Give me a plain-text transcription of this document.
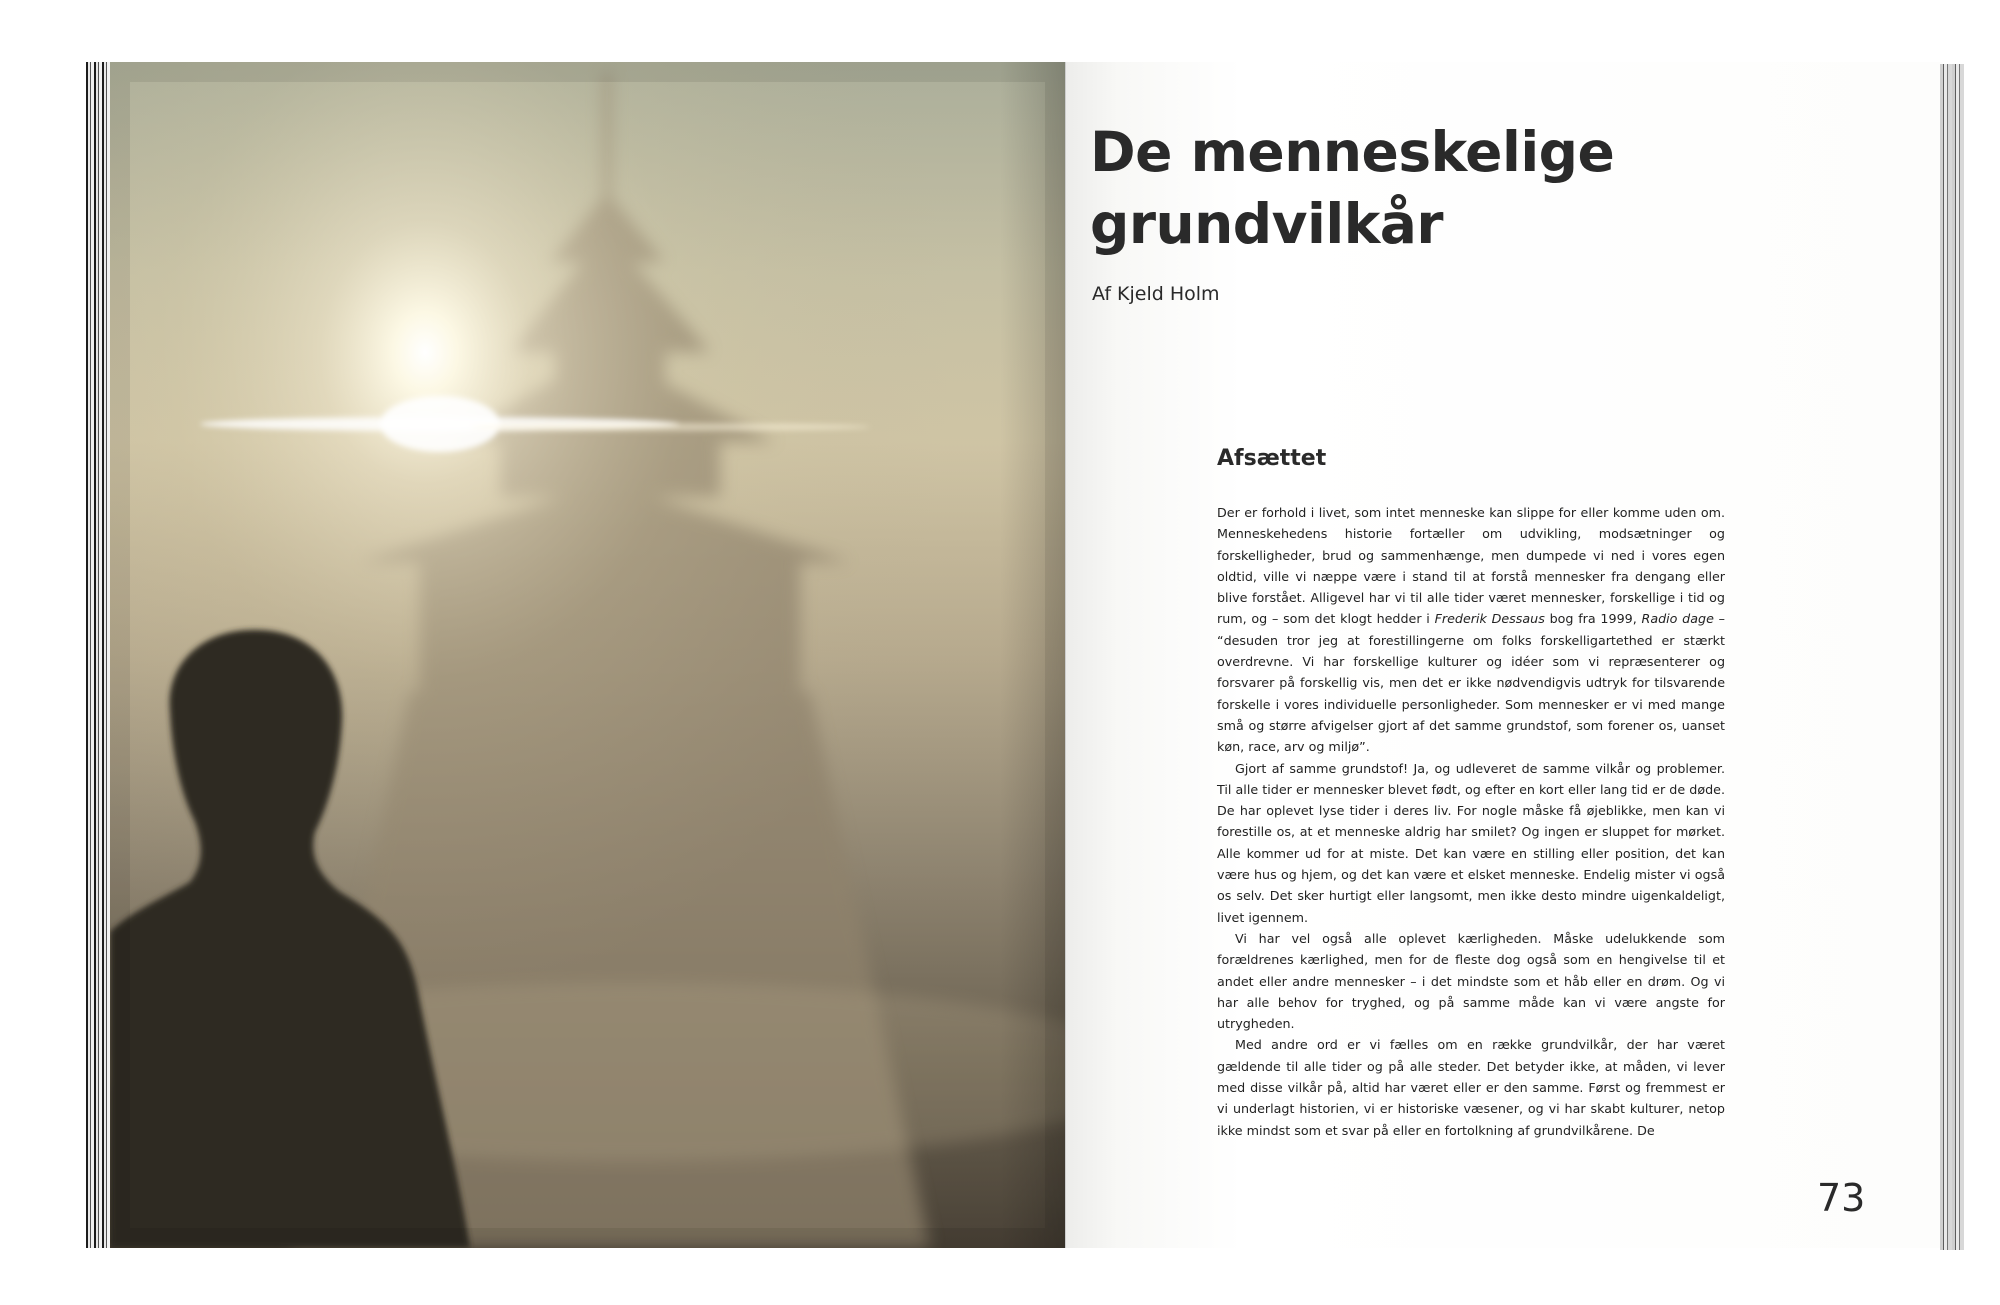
De menneskelige
grundvilkår
Af Kjeld Holm
Afsættet

Der er forhold i livet, som intet menneske kan slippe for eller komme uden om. Menneskehedens historie fortæller om udvikling, modsætninger og forskelligheder, brud og sammenhænge, men dumpede vi ned i vores egen oldtid, ville vi næppe være i stand til at forstå mennesker fra dengang eller blive forstået. Alligevel har vi til alle tider været mennesker, forskellige i tid og rum, og – som det klogt hedder i Frederik Dessaus bog fra 1999, Radio dage – “desuden tror jeg at forestillingerne om folks forskelligartethed er stærkt overdrevne. Vi har forskellige kulturer og idéer som vi repræsenterer og forsvarer på forskellig vis, men det er ikke nødvendigvis udtryk for tilsvarende forskelle i vores individuelle personligheder. Som mennesker er vi med mange små og større afvigelser gjort af det samme grundstof, som forener os, uanset køn, race, arv og miljø”.

Gjort af samme grundstof! Ja, og udleveret de samme vilkår og problemer. Til alle tider er mennesker blevet født, og efter en kort eller lang tid er de døde. De har oplevet lyse tider i deres liv. For nogle måske få øjeblikke, men kan vi forestille os, at et menneske aldrig har smilet? Og ingen er sluppet for mørket. Alle kommer ud for at miste. Det kan være en stilling eller position, det kan være hus og hjem, og det kan være et elsket menneske. Endelig mister vi også os selv. Det sker hurtigt eller langsomt, men ikke desto mindre uigenkaldeligt, livet igennem.

Vi har vel også alle oplevet kærligheden. Måske udelukkende som forældrenes kærlighed, men for de fleste dog også som en hengivelse til et andet eller andre mennesker – i det mindste som et håb eller en drøm. Og vi har alle behov for tryghed, og på samme måde kan vi være angste for utrygheden.

Med andre ord er vi fælles om en række grundvilkår, der har været gældende til alle tider og på alle steder. Det betyder ikke, at måden, vi lever med disse vilkår på, altid har været eller er den samme. Først og fremmest er vi underlagt historien, vi er historiske væsener, og vi har skabt kulturer, netop ikke mindst som et svar på eller en fortolkning af grundvilkårene. De

73
